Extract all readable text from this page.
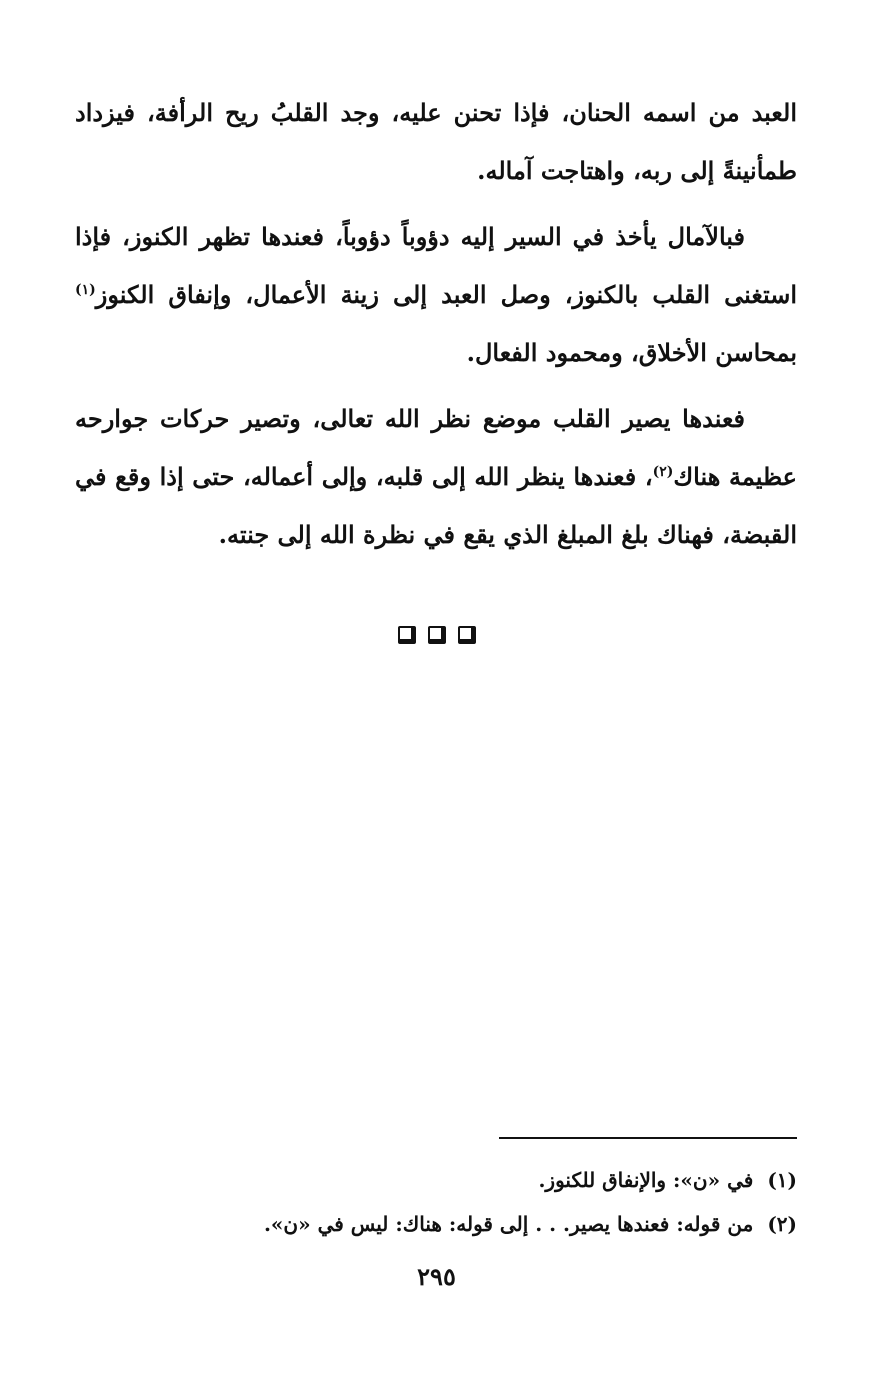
العبد من اسمه الحنان، فإذا تحنن عليه، وجد القلبُ ريح الرأفة، فيزداد طمأنينةً إلى ربه، واهتاجت آماله.

فبالآمال يأخذ في السير إليه دؤوباً دؤوباً، فعندها تظهر الكنوز، فإذا استغنى القلب بالكنوز، وصل العبد إلى زينة الأعمال، وإنفاق الكنوز$^{(١)}$ بمحاسن الأخلاق، ومحمود الفعال.

فعندها يصير القلب موضع نظر الله تعالى، وتصير حركات جوارحه عظيمة هناك$^{(٢)}$، فعندها ينظر الله إلى قلبه، وإلى أعماله، حتى إذا وقع في القبضة، فهناك بلغ المبلغ الذي يقع في نظرة الله إلى جنته.

(١)
في «ن»: والإنفاق للكنوز.
(٢)
من قوله: فعندها يصير. . . إلى قوله: هناك: ليس في «ن».
٢٩٥
